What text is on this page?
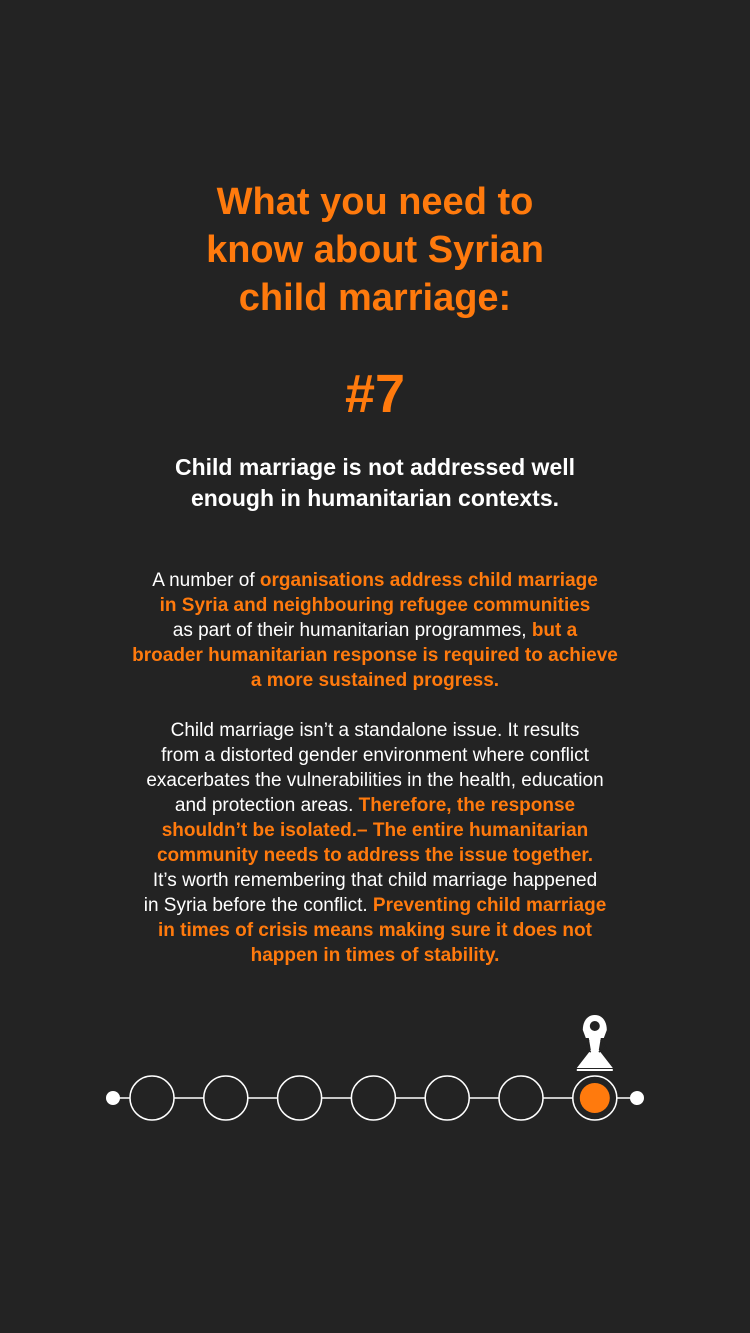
What you need to
know about Syrian
child marriage:
#7
Child marriage is not addressed well
enough in humanitarian contexts.
A number of organisations address child marriage
in Syria and neighbouring refugee communities
as part of their humanitarian programmes, but a
broader humanitarian response is required to achieve
a more sustained progress.
Child marriage isn’t a standalone issue. It results
from a distorted gender environment where conflict
exacerbates the vulnerabilities in the health, education
and protection areas. Therefore, the response
shouldn’t be isolated.– The entire humanitarian
community needs to address the issue together.
It’s worth remembering that child marriage happened
in Syria before the conflict. Preventing child marriage
in times of crisis means making sure it does not
happen in times of stability.
